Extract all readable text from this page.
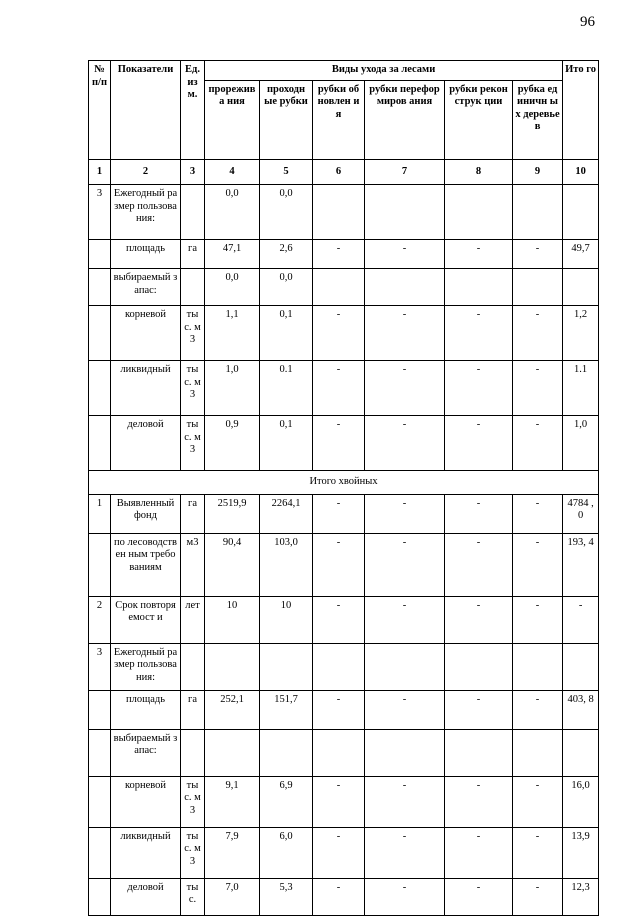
96
№ п/п	Показатели	Ед. из м.	Виды ухода за лесами						Ито го
			прорежива ния	проходн ые рубки	рубки обновлен ия	рубки переформиров ания	рубки реконструк ции	рубка единичн ых деревьев	
1	2	3	4	5	6	7	8	9	10
3	Ежегодный размер пользования:		0,0	0,0					
	площадь	га	47,1	2,6	-	-	-	-	49,7
	выбираемый запас:		0,0	0,0					
	корневой	ты с. м3	1,1	0,1	-	-	-	-	1,2
	ликвидный	ты с. м3	1,0	0.1	-	-	-	-	1.1
	деловой	ты с. м3	0,9	0,1	-	-	-	-	1,0
Итого хвойных									
1	Выявленный фонд	га	2519,9	2264,1	-	-	-	-	4784 ,0
	по лесоводствен ным требованиям	м3	90,4	103,0	-	-	-	-	193, 4
2	Срок повторяемост и	лет	10	10	-	-	-	-	-
3	Ежегодный размер пользования:								
	площадь	га	252,1	151,7	-	-	-	-	403, 8
	выбираемый запас:								
	корневой	ты с. м3	9,1	6,9	-	-	-	-	16,0
	ликвидный	ты с. м3	7,9	6,0	-	-	-	-	13,9
	деловой	ты с.	7,0	5,3	-	-	-	-	12,3
